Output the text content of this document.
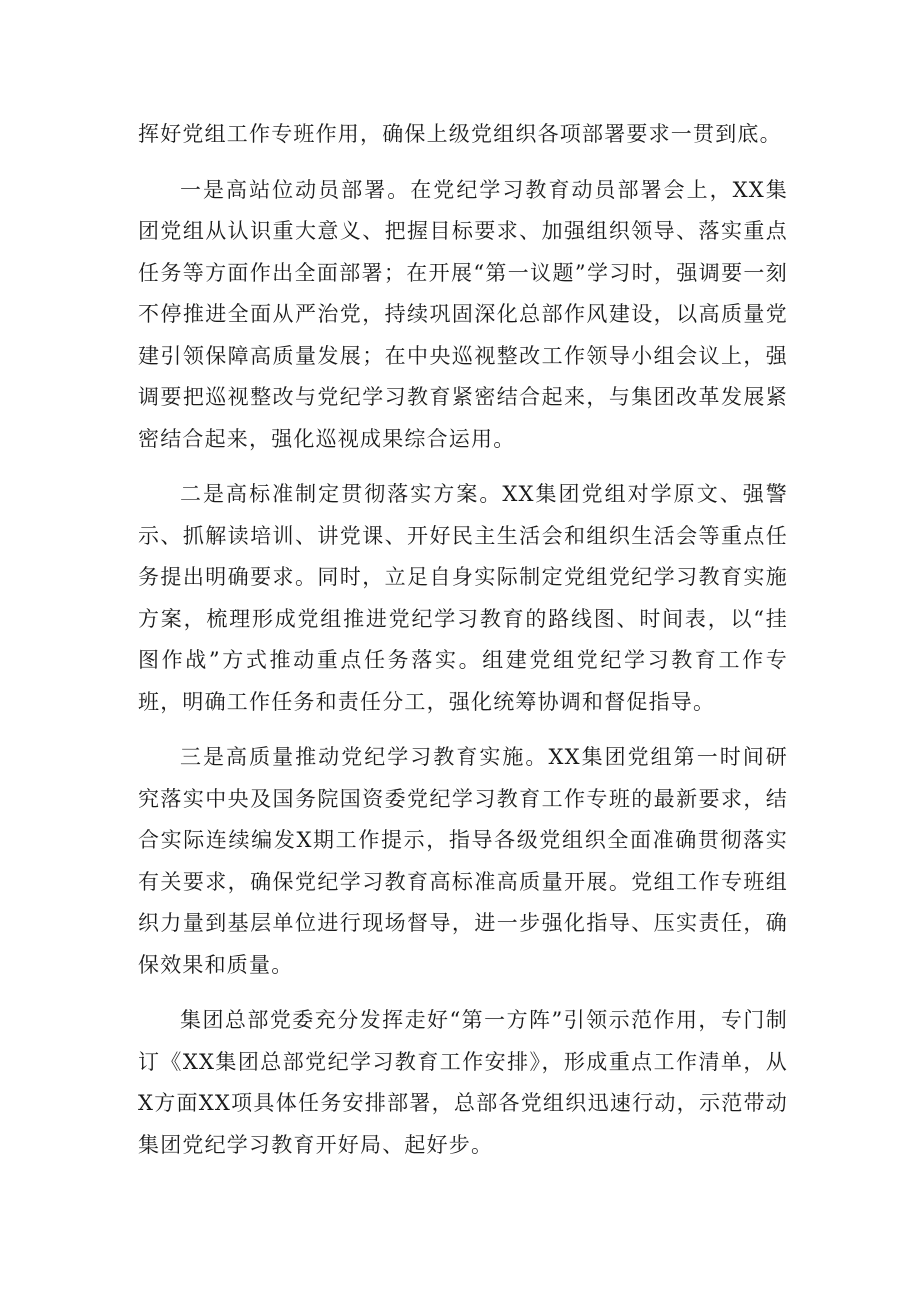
挥好党组工作专班作用，确保上级党组织各项部署要求一贯到底。

一是高站位动员部署。在党纪学习教育动员部署会上，XX集团党组从认识重大意义、把握目标要求、加强组织领导、落实重点任务等方面作出全面部署；在开展“第一议题”学习时，强调要一刻不停推进全面从严治党，持续巩固深化总部作风建设，以高质量党建引领保障高质量发展；在中央巡视整改工作领导小组会议上，强调要把巡视整改与党纪学习教育紧密结合起来，与集团改革发展紧密结合起来，强化巡视成果综合运用。

二是高标准制定贯彻落实方案。XX集团党组对学原文、强警示、抓解读培训、讲党课、开好民主生活会和组织生活会等重点任务提出明确要求。同时，立足自身实际制定党组党纪学习教育实施方案，梳理形成党组推进党纪学习教育的路线图、时间表，以“挂图作战”方式推动重点任务落实。组建党组党纪学习教育工作专班，明确工作任务和责任分工，强化统筹协调和督促指导。

三是高质量推动党纪学习教育实施。XX集团党组第一时间研究落实中央及国务院国资委党纪学习教育工作专班的最新要求，结合实际连续编发X期工作提示，指导各级党组织全面准确贯彻落实有关要求，确保党纪学习教育高标准高质量开展。党组工作专班组织力量到基层单位进行现场督导，进一步强化指导、压实责任，确保效果和质量。

集团总部党委充分发挥走好“第一方阵”引领示范作用，专门制订《XX集团总部党纪学习教育工作安排》，形成重点工作清单，从X方面XX项具体任务安排部署，总部各党组织迅速行动，示范带动集团党纪学习教育开好局、起好步。
